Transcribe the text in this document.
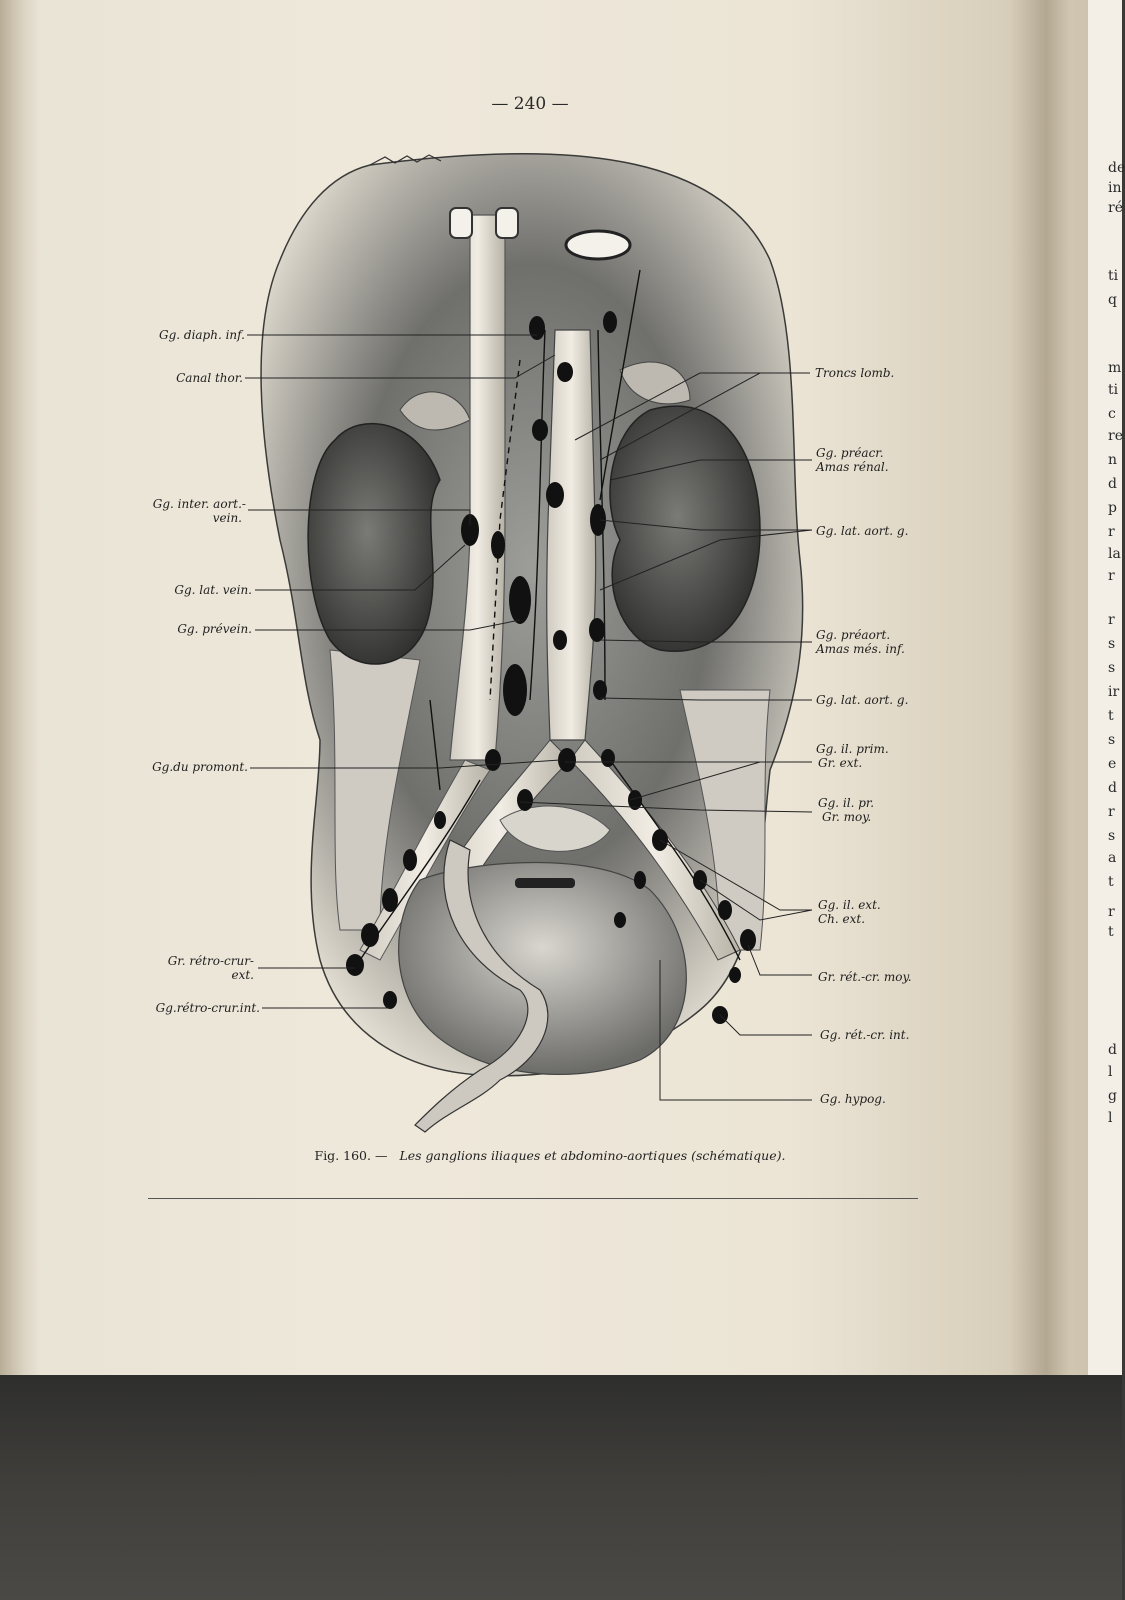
— 240 —
Gg. diaph. inf.
Canal thor.
Gg. inter. aort.-
vein.
Gg. lat. vein.
Gg. prévein.
Gg.du promont.
Gr. rétro-crur-
ext.
Gg.rétro-crur.int.
Troncs lomb.
Gg. préacr.
Amas rénal.
Gg. lat. aort. g.
Gg. préaort.
Amas més. inf.
Gg. lat. aort. g.
Gg. il. prim.
Gr. ext.
Gg. il. pr.
Gr. moy.
Gg. il. ext.
Ch. ext.
Gr. rét.-cr. moy.
Gg. rét.-cr. int.
Gg. hypog.
Fig. 160. — Les ganglions iliaques et abdomino-aortiques (schématique).
de
in
ré
ti
q
m
ti
c
re
n
d
p
r
la
r
r
s
s
ir
t
s
e
d
r
s
a
t
r
t
d
l
g
l
